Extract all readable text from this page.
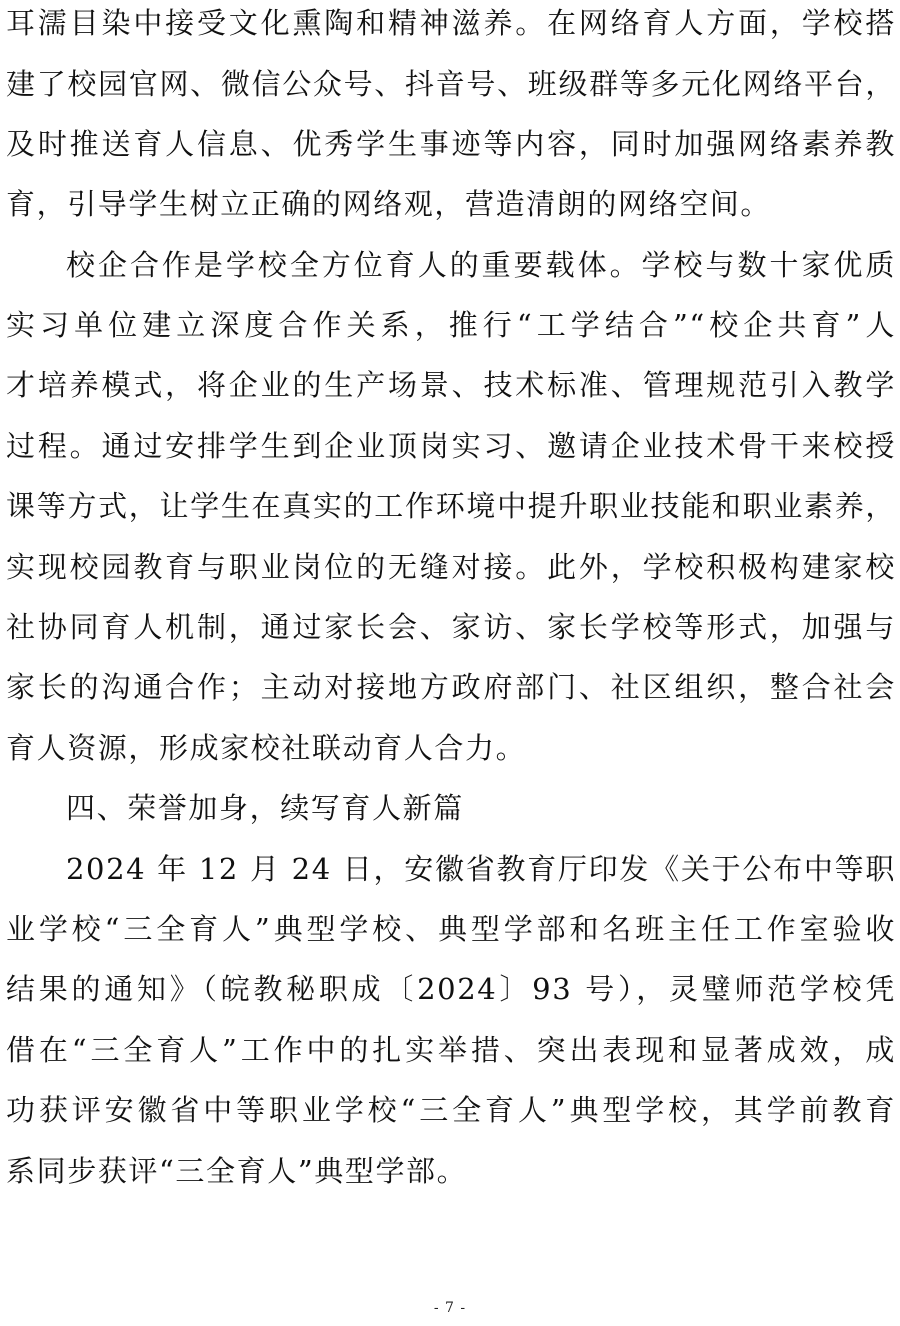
耳濡目染中接受文化熏陶和精神滋养。在网络育人方面，学校搭
建了校园官网、微信公众号、抖音号、班级群等多元化网络平台，
及时推送育人信息、优秀学生事迹等内容，同时加强网络素养教
育，引导学生树立正确的网络观，营造清朗的网络空间。
校企合作是学校全方位育人的重要载体。学校与数十家优质
实习单位建立深度合作关系，推行“工学结合”“校企共育”人
才培养模式，将企业的生产场景、技术标准、管理规范引入教学
过程。通过安排学生到企业顶岗实习、邀请企业技术骨干来校授
课等方式，让学生在真实的工作环境中提升职业技能和职业素养，
实现校园教育与职业岗位的无缝对接。此外，学校积极构建家校
社协同育人机制，通过家长会、家访、家长学校等形式，加强与
家长的沟通合作；主动对接地方政府部门、社区组织，整合社会
育人资源，形成家校社联动育人合力。
四、荣誉加身，续写育人新篇
2024 年 12 月 24 日，安徽省教育厅印发《关于公布中等职
业学校“三全育人”典型学校、典型学部和名班主任工作室验收
结果的通知》（皖教秘职成〔2024〕93 号），灵璧师范学校凭
借在“三全育人”工作中的扎实举措、突出表现和显著成效，成
功获评安徽省中等职业学校“三全育人”典型学校，其学前教育
系同步获评“三全育人”典型学部。
- 7 -
